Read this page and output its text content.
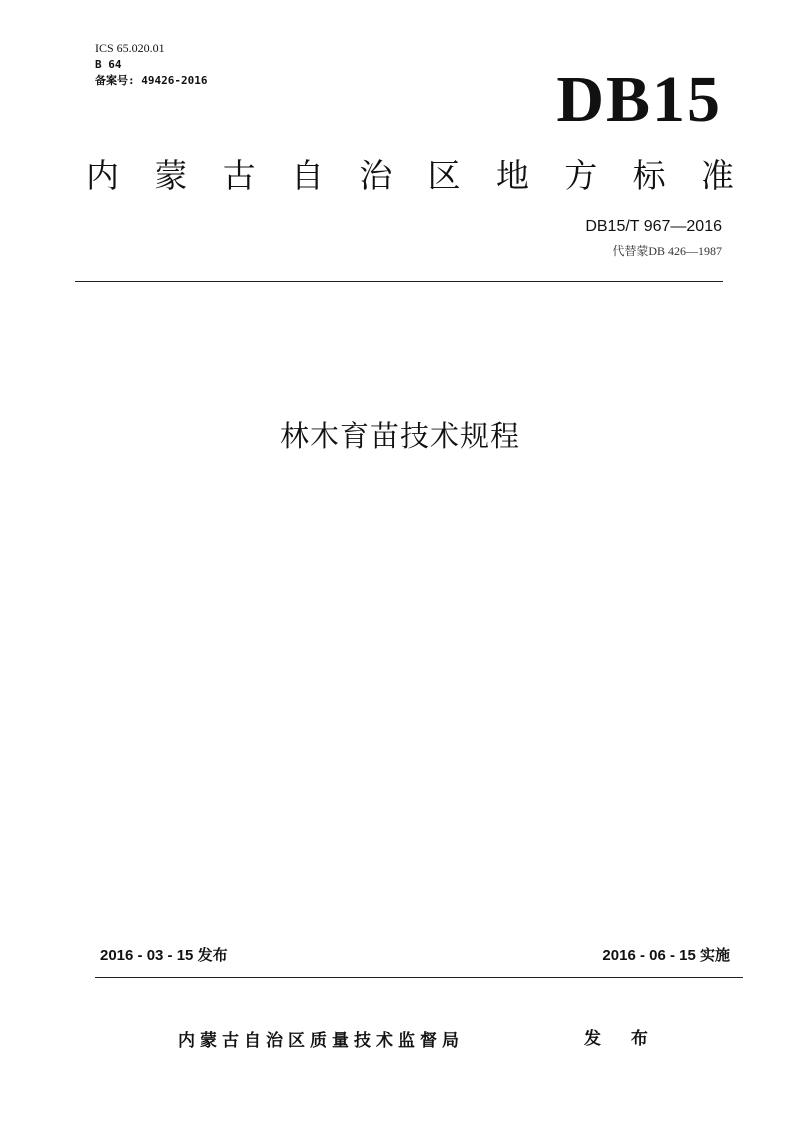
ICS 65.020.01
B 64
备案号: 49426-2016	DB15
内 蒙 古 自 治 区 地 方 标 准
DB15/T 967—2016
代替蒙DB 426—1987
林木育苗技术规程
2016 - 03 - 15 发布	2016 - 06 - 15 实施
内蒙古自治区质量技术监督局	发 布
